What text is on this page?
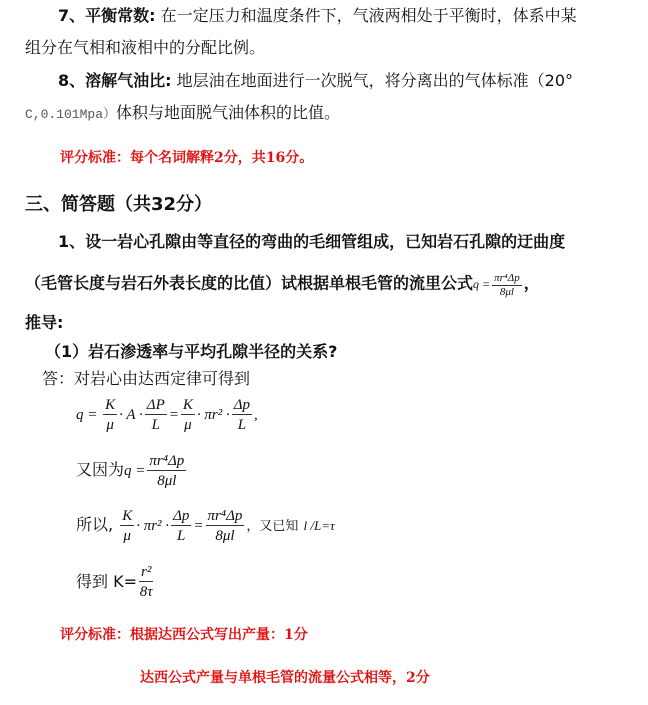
7、平衡常数: 在一定压力和温度条件下，气液两相处于平衡时，体系中某
组分在气相和液相中的分配比例。
8、溶解气油比: 地层油在地面进行一次脱气，将分离出的气体标准（20°
C,0.101Mpa）体积与地面脱气油体积的比值。
评分标准：每个名词解释2分，共16分。
三、简答题（共32分）
1、设一岩心孔隙由等直径的弯曲的毛细管组成，已知岩石孔隙的迂曲度
（毛管长度与岩石外表长度的比值）试根据单根毛管的流里公式$q = \frac{\text{πr⁴Δp}}{8\mu l}$ ，
推导:
（1）岩石渗透率与平均孔隙半径的关系?
答：对岩心由达西定律可得到
$q = \frac{K}{\mu} \cdot A \cdot \frac{\Delta P}{L} = \frac{K}{\mu} \cdot \pi r^2 \cdot \frac{\Delta p}{L}$ ,
又因为$q = \frac{\text{πr⁴Δp}}{8\mu l}$
所以, $\frac{K}{\mu} \cdot \pi r^2 \cdot \frac{\Delta p}{L} = \frac{\text{πr⁴Δp}}{8\mu l}$ ，又已知 l /L=τ
得到 $K= \frac{\text{r²}}{8\tau}$
评分标准：根据达西公式写出产量：1分
达西公式产量与单根毛管的流量公式相等，2分
